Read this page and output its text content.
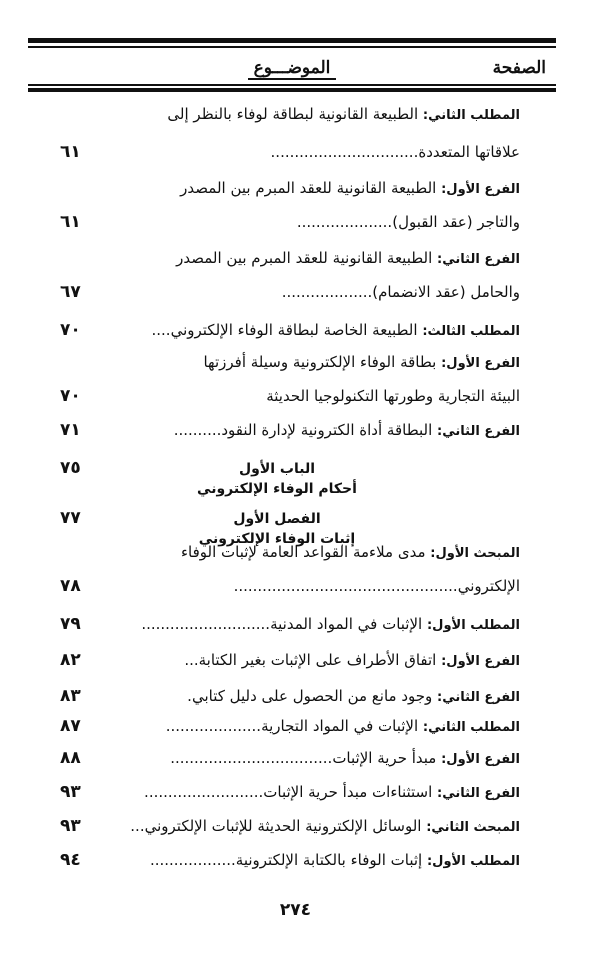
الصفحة
الموضـــوع
المطلب الثاني: الطبيعة القانونية لبطاقة لوفاء بالنظر إلى
علاقاتها المتعددة...............................
٦١
الفرع الأول: الطبيعة القانونية للعقد المبرم بين المصدر
والتاجر (عقد القبول)....................
٦١
الفرع الثاني: الطبيعة القانونية للعقد المبرم بين المصدر
والحامل (عقد الانضمام)...................
٦٧
المطلب الثالث: الطبيعة الخاصة لبطاقة الوفاء الإلكتروني....
٧٠
الفرع الأول: بطاقة الوفاء الإلكترونية وسيلة أفرزتها
البيئة التجارية وطورتها التكنولوجيا الحديثة
٧٠
الفرع الثاني: البطاقة أداة الكترونية لإدارة النقود..........
٧١
الباب الأول
٧٥
أحكام الوفاء الإلكتروني
الفصل الأول
٧٧
إثبات الوفاء الإلكتروني
المبحث الأول: مدى ملاءمة القواعد العامة لإثبات الوفاء
الإلكتروني...............................................
٧٨
المطلب الأول: الإثبات في المواد المدنية...........................
٧٩
الفرع الأول: اتفاق الأطراف على الإثبات بغير الكتابة...
٨٢
الفرع الثاني: وجود مانع من الحصول على دليل كتابي.
٨٣
المطلب الثاني: الإثبات في المواد التجارية....................
٨٧
الفرع الأول: مبدأ حرية الإثبات..................................
٨٨
الفرع الثاني: استثناءات مبدأ حرية الإثبات.........................
٩٣
المبحث الثاني: الوسائل الإلكترونية الحديثة للإثبات الإلكتروني...
٩٣
المطلب الأول: إثبات الوفاء بالكتابة الإلكترونية..................
٩٤
٢٧٤
